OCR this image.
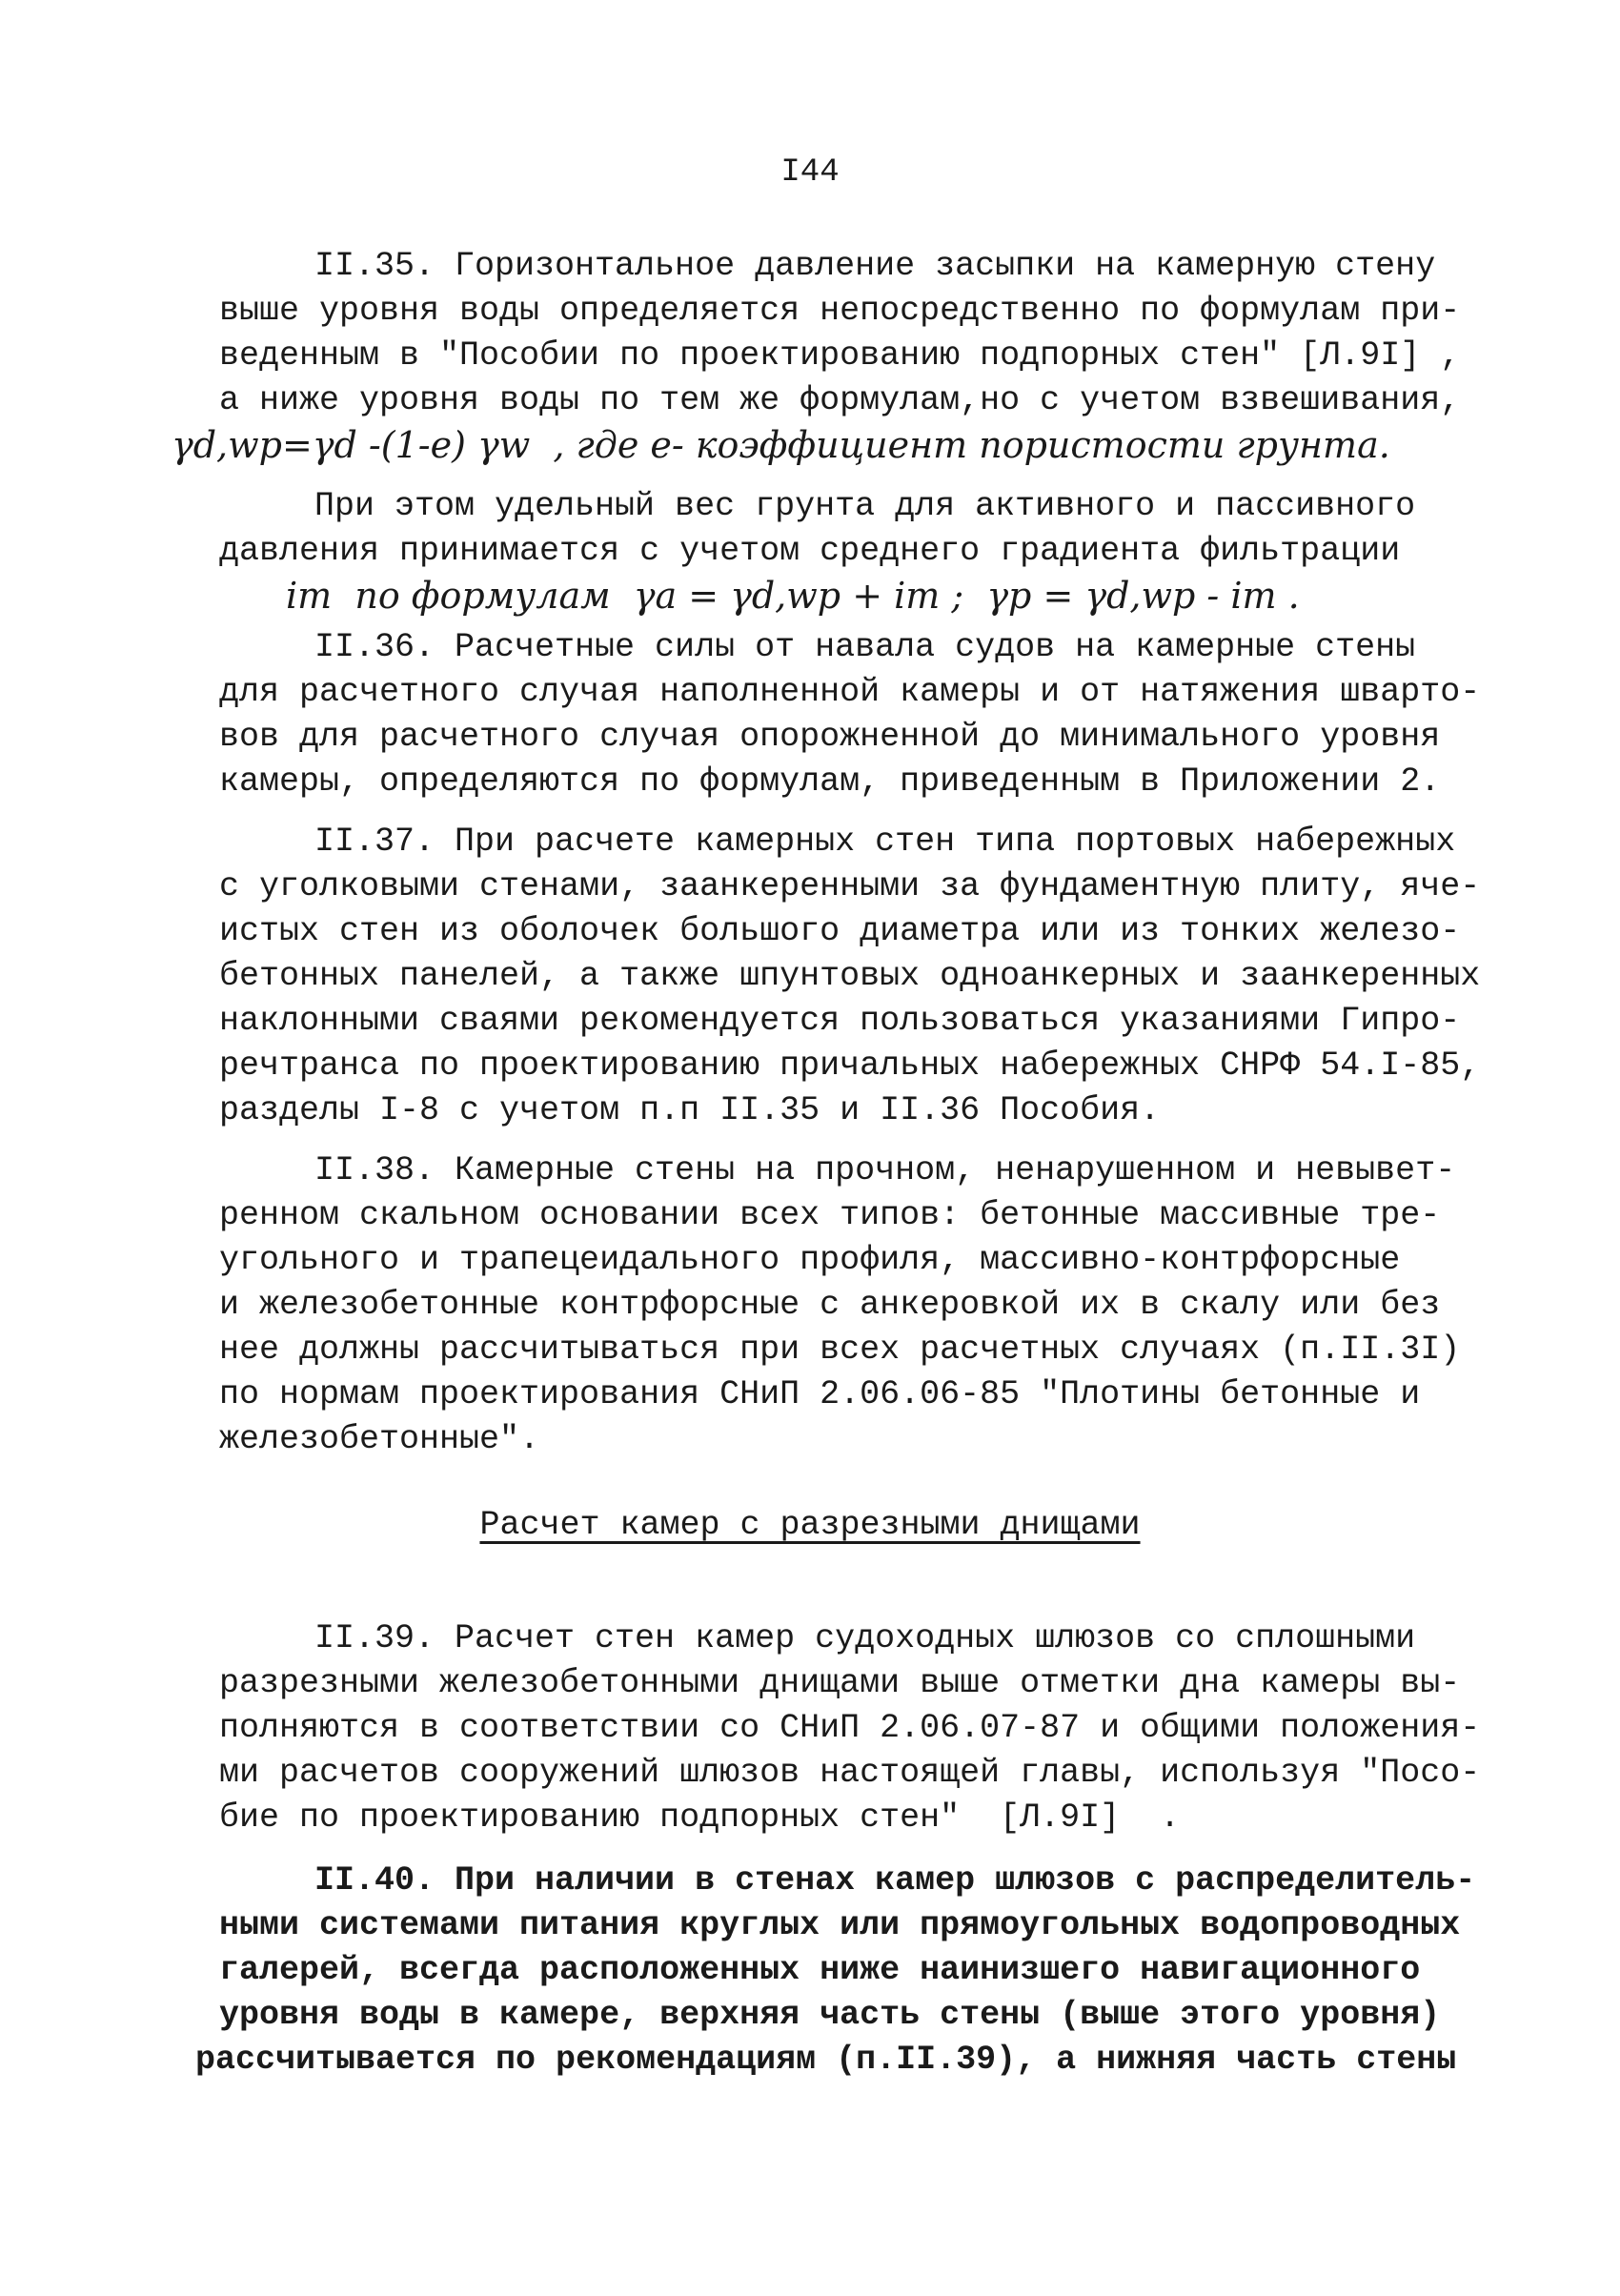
I44
II.35. Горизонтальное давление засыпки на камерную стену
выше уровня воды определяется непосредственно по формулам при-
веденным в "Пособии по проектированию подпорных стен" [Л.9I] ,
а ниже уровня воды по тем же формулам,но с учетом взвешивания,
γd,wp=γd -(1-e) γw  , где e- коэффициент пористости грунта.
При этом удельный вес грунта для активного и пассивного
давления принимается с учетом среднего градиента фильтрации
im  по формулам  γa = γd,wp + im ;  γp = γd,wp - im .
II.36. Расчетные силы от навала судов на камерные стены
для расчетного случая наполненной камеры и от натяжения шварто-
вов для расчетного случая опорожненной до минимального уровня
камеры, определяются по формулам, приведенным в Приложении 2.
II.37. При расчете камерных стен типа портовых набережных
с уголковыми стенами, заанкеренными за фундаментную плиту, яче-
истых стен из оболочек большого диаметра или из тонких железо-
бетонных панелей, а также шпунтовых одноанкерных и заанкеренных
наклонными сваями рекомендуется пользоваться указаниями Гипро-
речтранса по проектированию причальных набережных СНРФ 54.I-85,
разделы I-8 с учетом п.п II.35 и II.36 Пособия.
II.38. Камерные стены на прочном, ненарушенном и невывет-
ренном скальном основании всех типов: бетонные массивные тре-
угольного и трапецеидального профиля, массивно-контрфорсные
и железобетонные контрфорсные с анкеровкой их в скалу или без
нее должны рассчитываться при всех расчетных случаях (п.II.3I)
по нормам проектирования СНиП 2.06.06-85 "Плотины бетонные и
железобетонные".
Расчет камер с разрезными днищами
II.39. Расчет стен камер судоходных шлюзов со сплошными
разрезными железобетонными днищами выше отметки дна камеры вы-
полняются в соответствии со СНиП 2.06.07-87 и общими положения-
ми расчетов сооружений шлюзов настоящей главы, используя "Посо-
бие по проектированию подпорных стен"  [Л.9I]  .
II.40. При наличии в стенах камер шлюзов с распределитель-
ными системами питания круглых или прямоугольных водопроводных
галерей, всегда расположенных ниже наинизшего навигационного
уровня воды в камере, верхняя часть стены (выше этого уровня)
рассчитывается по рекомендациям (п.II.39), а нижняя часть стены
